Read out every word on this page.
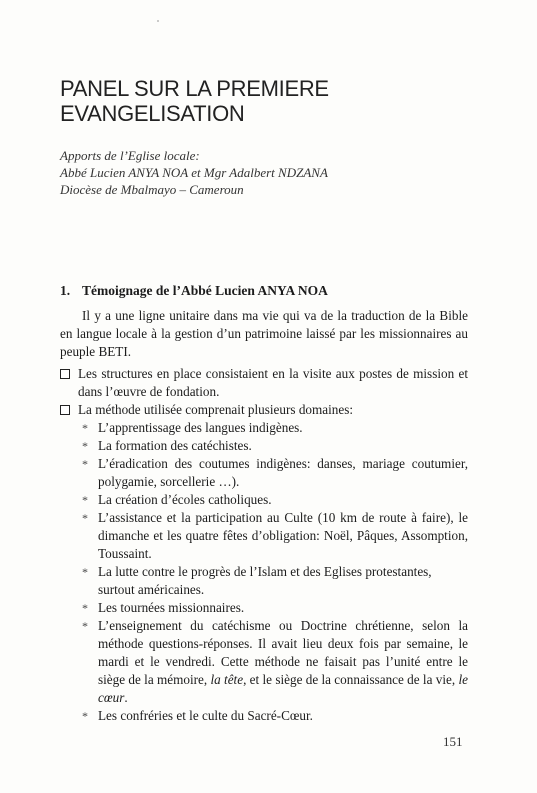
PANEL SUR LA PREMIERE
EVANGELISATION
Apports de l’Eglise locale:
Abbé Lucien ANYA NOA et Mgr Adalbert NDZANA
Diocèse de Mbalmayo – Cameroun
1. Témoignage de l’Abbé Lucien ANYA NOA

Il y a une ligne unitaire dans ma vie qui va de la traduction de la Bible en langue locale à la gestion d’un patrimoine laissé par les missionnaires au peuple BETI.

Les structures en place consistaient en la visite aux postes de mission et dans l’œuvre de fondation.
La méthode utilisée comprenait plusieurs domaines:
* L’apprentissage des langues indigènes.
* La formation des catéchistes.
* L’éradication des coutumes indigènes: danses, mariage coutumier, polygamie, sorcellerie …).
* La création d’écoles catholiques.
* L’assistance et la participation au Culte (10 km de route à faire), le dimanche et les quatre fêtes d’obligation: Noël, Pâques, Assomption, Toussaint.
* La lutte contre le progrès de l’Islam et des Eglises protestantes, surtout américaines.
* Les tournées missionnaires.
* L’enseignement du catéchisme ou Doctrine chrétienne, selon la méthode questions-réponses. Il avait lieu deux fois par semaine, le mardi et le vendredi. Cette méthode ne faisait pas l’unité entre le siège de la mémoire, la tête, et le siège de la connaissance de la vie, le cœur.
* Les confréries et le culte du Sacré-Cœur.
151
